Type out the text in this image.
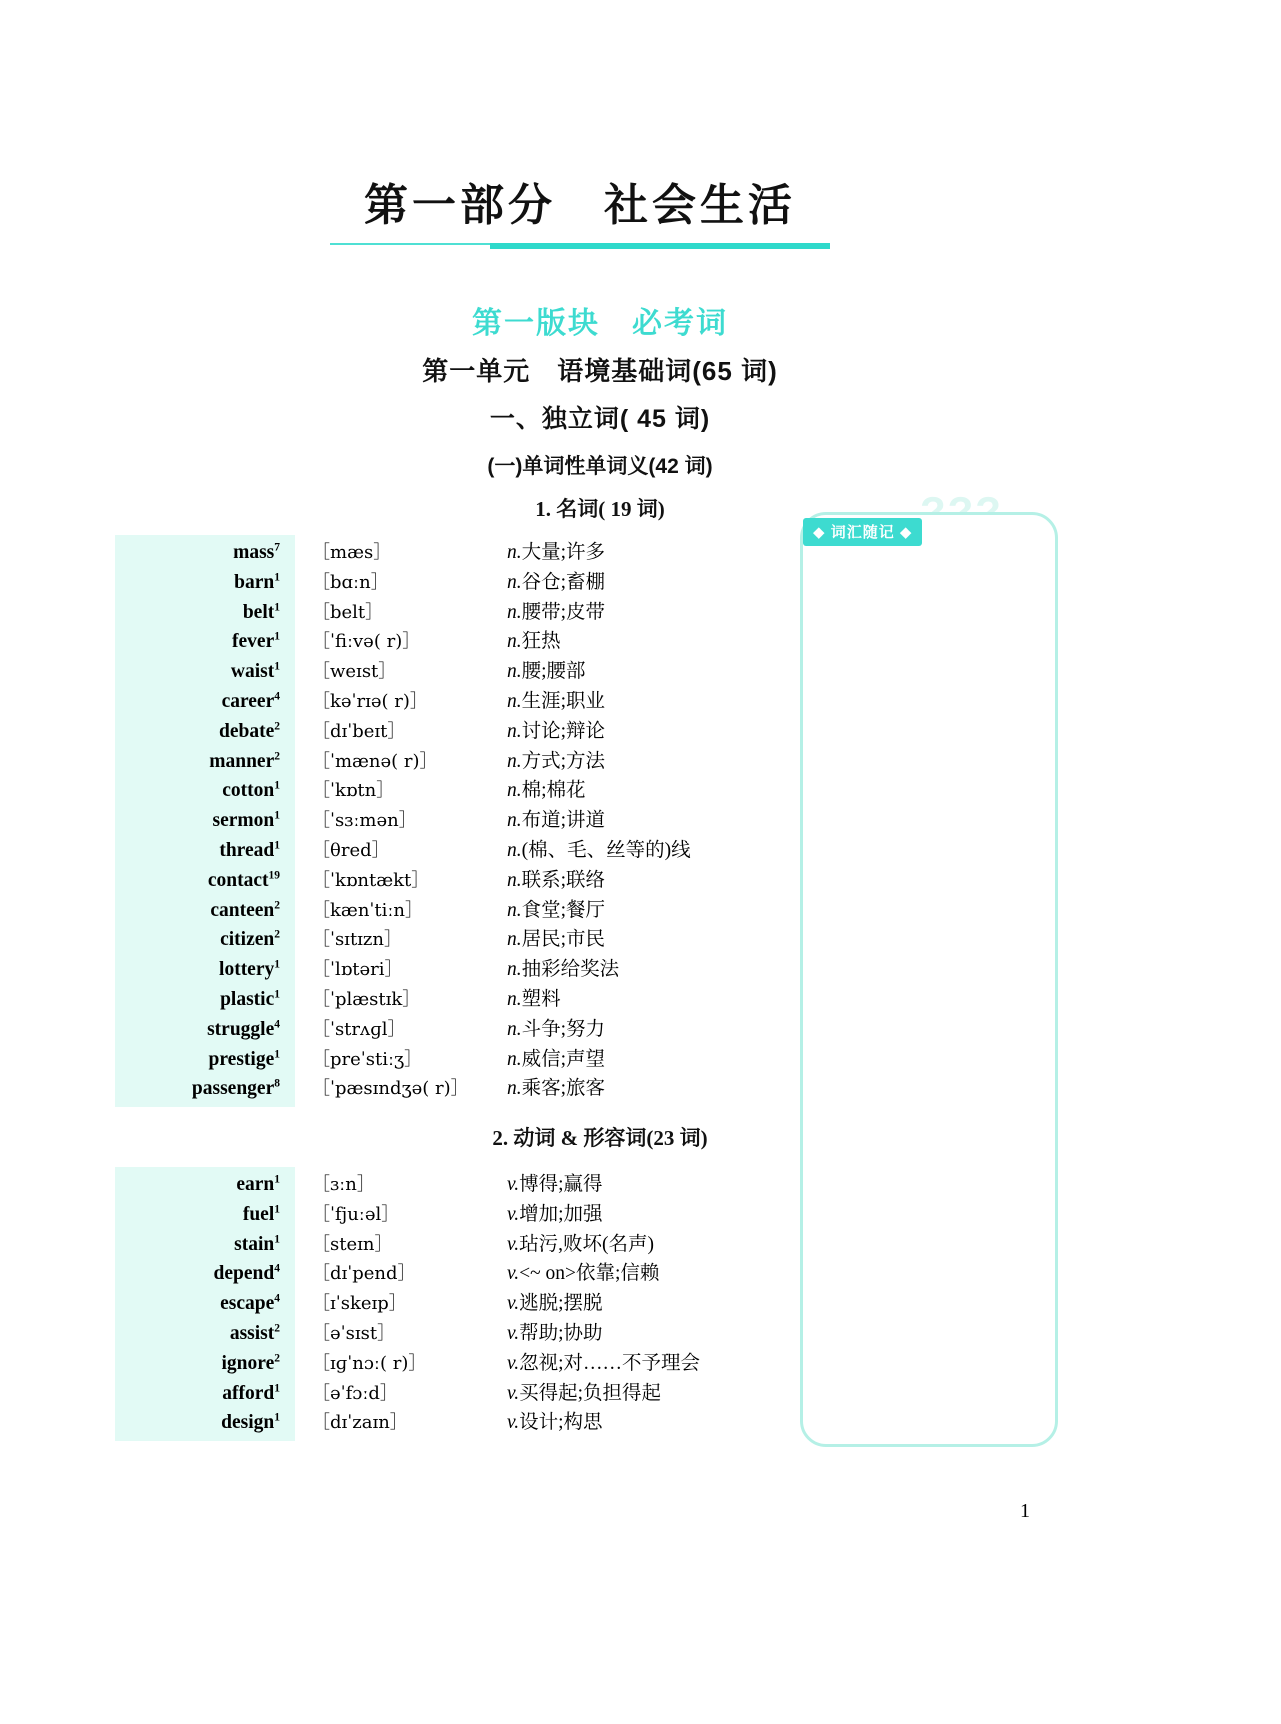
第一部分　社会生活
第一版块　必考词
第一单元　语境基础词(65 词)
一、独立词( 45 词)
(一)单词性单词义(42 词)
1. 名词( 19 词)
2. 动词 & 形容词(23 词)
mass$^7$ ［mæs］	n.大量;许多
barn$^1$ ［bɑːn］	n.谷仓;畜棚
belt$^1$ ［belt］	n.腰带;皮带
fever$^1$ ［ˈfiːvə( r)］	n.狂热
waist$^1$ ［weɪst］	n.腰;腰部
career$^4$ ［kəˈrɪə( r)］	n.生涯;职业
debate$^2$ ［dɪˈbeɪt］	n.讨论;辩论
manner$^2$ ［ˈmænə( r)］	n.方式;方法
cotton$^1$ ［ˈkɒtn］	n.棉;棉花
sermon$^1$ ［ˈsɜːmən］	n.布道;讲道
thread$^1$ ［θred］	n.(棉、毛、丝等的)线
contact$^{19}$ ［ˈkɒntækt］	n.联系;联络
canteen$^2$ ［kænˈtiːn］	n.食堂;餐厅
citizen$^2$ ［ˈsɪtɪzn］	n.居民;市民
lottery$^1$ ［ˈlɒtəri］	n.抽彩给奖法
plastic$^1$ ［ˈplæstɪk］	n.塑料
struggle$^4$ ［ˈstrʌɡl］	n.斗争;努力
prestige$^1$ ［preˈstiːʒ］	n.威信;声望
passenger$^8$ ［ˈpæsɪndʒə( r)］ n.乘客;旅客
earn$^1$ ［ɜːn］	v.博得;赢得
fuel$^1$ ［ˈfjuːəl］	v.增加;加强
stain$^1$ ［steɪn］	v.玷污,败坏(名声)
depend$^4$ ［dɪˈpend］	v.<~ on>依靠;信赖
escape$^4$ ［ɪˈskeɪp］	v.逃脱;摆脱
assist$^2$ ［əˈsɪst］	v.帮助;协助
ignore$^2$ ［ɪɡˈnɔː( r)］	v.忽视;对……不予理会
afford$^1$ ［əˈfɔːd］	v.买得起;负担得起
design$^1$ ［dɪˈzaɪn］	v.设计;构思
◆ 词汇随记 ◆
1
